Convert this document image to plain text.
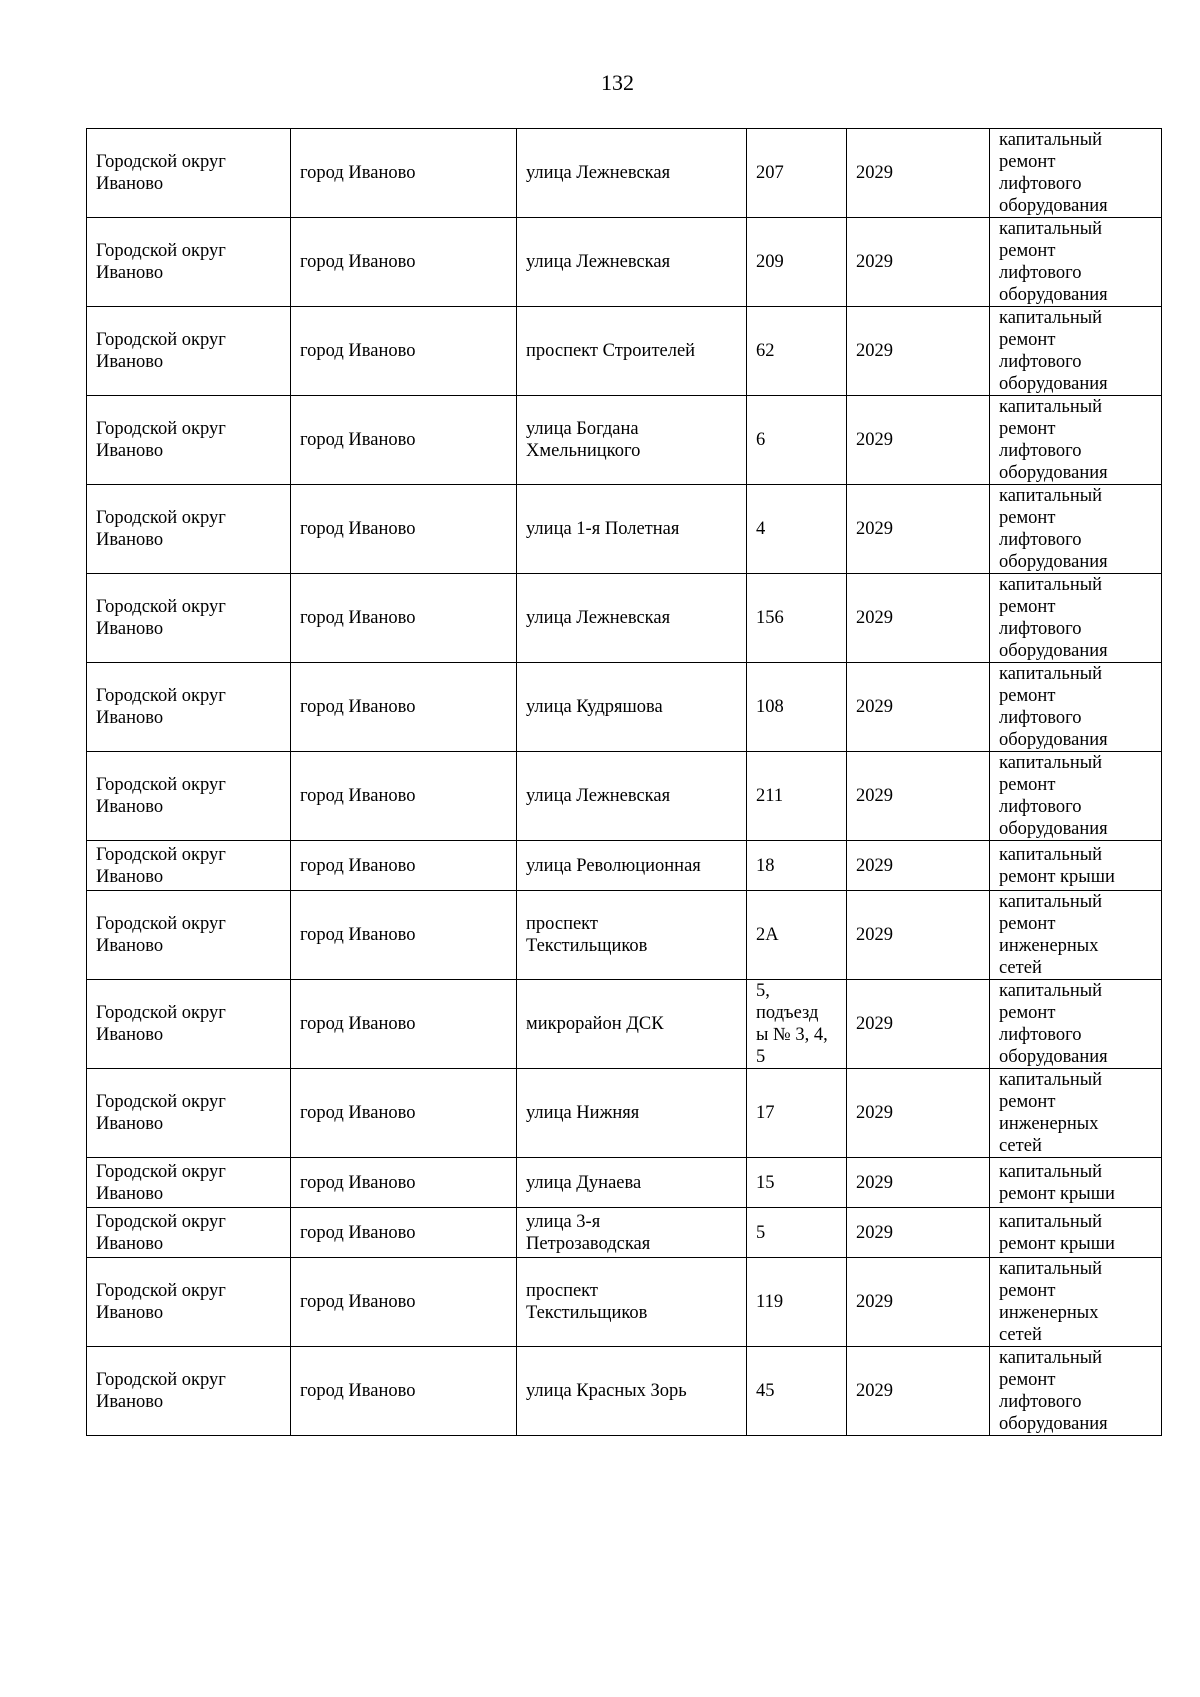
132
Городской округ
Иваново	город Иваново	улица Лежневская	207	2029	капитальный
ремонт
лифтового
оборудования

Городской округ
Иваново	город Иваново	улица Лежневская	209	2029	капитальный
ремонт
лифтового
оборудования

Городской округ
Иваново	город Иваново	проспект Строителей	62	2029	капитальный
ремонт
лифтового
оборудования

Городской округ
Иваново	город Иваново	улица Богдана
Хмельницкого	6	2029	капитальный
ремонт
лифтового
оборудования

Городской округ
Иваново	город Иваново	улица 1-я Полетная	4	2029	капитальный
ремонт
лифтового
оборудования

Городской округ
Иваново	город Иваново	улица Лежневская	156	2029	капитальный
ремонт
лифтового
оборудования

Городской округ
Иваново	город Иваново	улица Кудряшова	108	2029	капитальный
ремонт
лифтового
оборудования

Городской округ
Иваново	город Иваново	улица Лежневская	211	2029	капитальный
ремонт
лифтового
оборудования

Городской округ
Иваново	город Иваново	улица Революционная	18	2029	капитальный
ремонт крыши

Городской округ
Иваново	город Иваново	проспект
Текстильщиков	2А	2029	капитальный
ремонт
инженерных
сетей

Городской округ
Иваново	город Иваново	микрорайон ДСК	5,
подъезд
ы № 3, 4,
5	2029	капитальный
ремонт
лифтового
оборудования

Городской округ
Иваново	город Иваново	улица Нижняя	17	2029	капитальный
ремонт
инженерных
сетей

Городской округ
Иваново	город Иваново	улица Дунаева	15	2029	капитальный
ремонт крыши

Городской округ
Иваново	город Иваново	улица 3-я
Петрозаводская	5	2029	капитальный
ремонт крыши

Городской округ
Иваново	город Иваново	проспект
Текстильщиков	119	2029	капитальный
ремонт
инженерных
сетей

Городской округ
Иваново	город Иваново	улица Красных Зорь	45	2029	капитальный
ремонт
лифтового
оборудования
